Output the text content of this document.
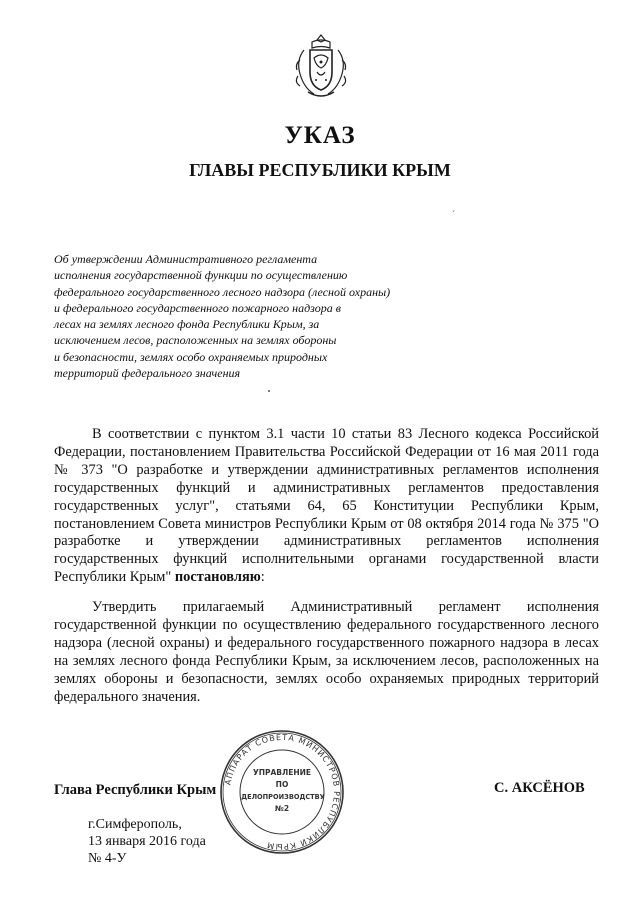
УКАЗ
ГЛАВЫ РЕСПУБЛИКИ КРЫМ
ˊ
Об утверждении Административного регламента
исполнения государственной функции по осуществлению
федерального государственного лесного надзора (лесной охраны)
и федерального государственного пожарного надзора в
лесах на землях лесного фонда Республики Крым, за
исключением лесов, расположенных на землях обороны
и безопасности, землях особо охраняемых природных
территорий федерального значения

В соответствии с пунктом 3.1 части 10 статьи 83 Лесного кодекса Российской Федерации, постановлением Правительства Российской Федерации от 16 мая 2011 года № 373 "О разработке и утверждении административных регламентов исполнения государственных функций и административных регламентов предоставления государственных услуг", статьями 64, 65 Конституции Республики Крым, постановлением Совета министров Республики Крым от 08 октября 2014 года № 375 "О разработке и утверждении административных регламентов исполнения государственных функций исполнительными органами государственной власти Республики Крым" постановляю:

Утвердить прилагаемый Административный регламент исполнения государственной функции по осуществлению федерального государственного лесного надзора (лесной охраны) и федерального государственного пожарного надзора в лесах на землях лесного фонда Республики Крым, за исключением лесов, расположенных на землях обороны и безопасности, землях особо охраняемых природных территорий федерального значения.

Глава Республики Крым	С. АКСЁНОВ

г.Симферополь,
13 января 2016 года
№ 4-У
АППАРАТ СОВЕТА МИНИСТРОВ РЕСПУБЛИКИ КРЫМ
УПРАВЛЕНИЕ
ПО
ДЕЛОПРОИЗВОДСТВУ
№2
